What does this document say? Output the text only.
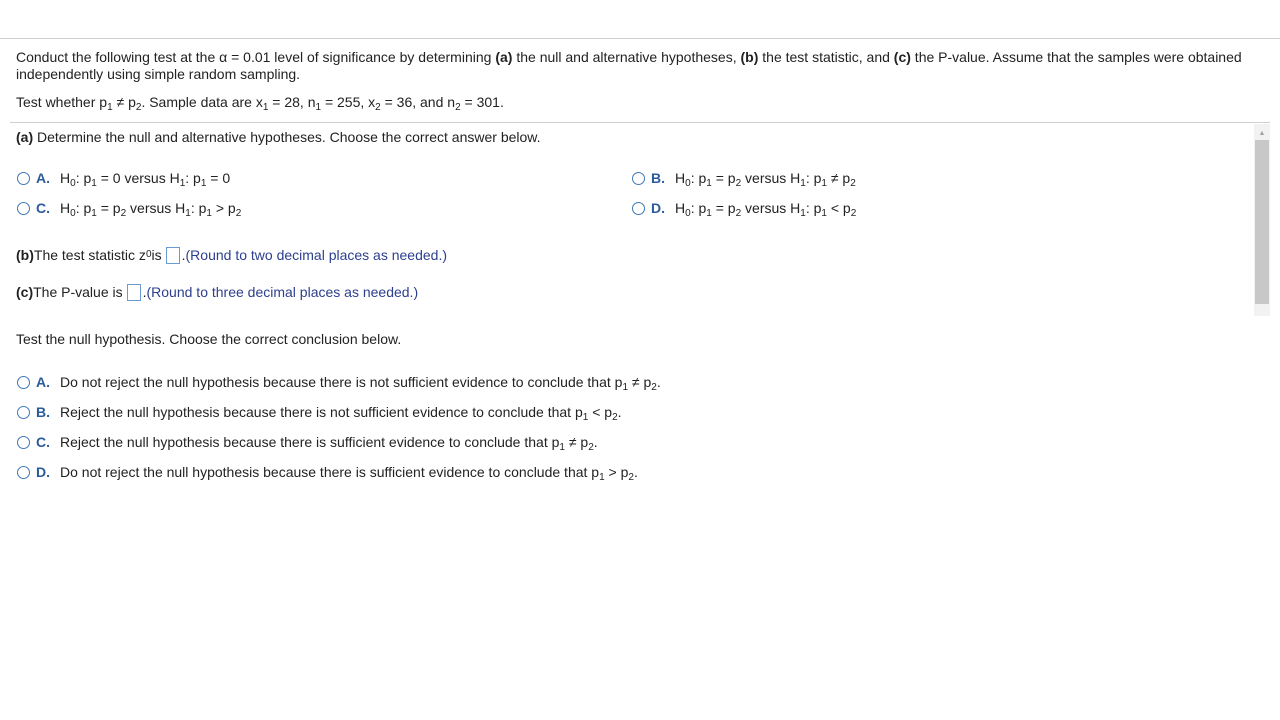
Conduct the following test at the α = 0.01 level of significance by determining (a) the null and alternative hypotheses, (b) the test statistic, and (c) the P-value. Assume that the samples were obtained independently using simple random sampling.
Test whether $p_1 \ne p_2$. Sample data are $x_1 = 28$, $n_1 = 255$, $x_2 = 36$, and $n_2 = 301$.
▲
(a) Determine the null and alternative hypotheses. Choose the correct answer below.
A. $H_0$: $p_1 = 0$ versus $H_1$: $p_1 = 0$	B. $H_0$: $p_1 = p_2$ versus $H_1$: $p_1 \ne p_2$
C. $H_0$: $p_1 = p_2$ versus $H_1$: $p_1 > p_2$	D. $H_0$: $p_1 = p_2$ versus $H_1$: $p_1 < p_2$
(b) The test statistic z 0 is . (Round to two decimal places as needed.)
(c) The P-value is . (Round to three decimal places as needed.)
Test the null hypothesis. Choose the correct conclusion below.
A. Do not reject the null hypothesis because there is not sufficient evidence to conclude that $p_1 \ne p_2$.
B. Reject the null hypothesis because there is not sufficient evidence to conclude that $p_1 < p_2$.
C. Reject the null hypothesis because there is sufficient evidence to conclude that $p_1 \ne p_2$.
D. Do not reject the null hypothesis because there is sufficient evidence to conclude that $p_1 > p_2$.
